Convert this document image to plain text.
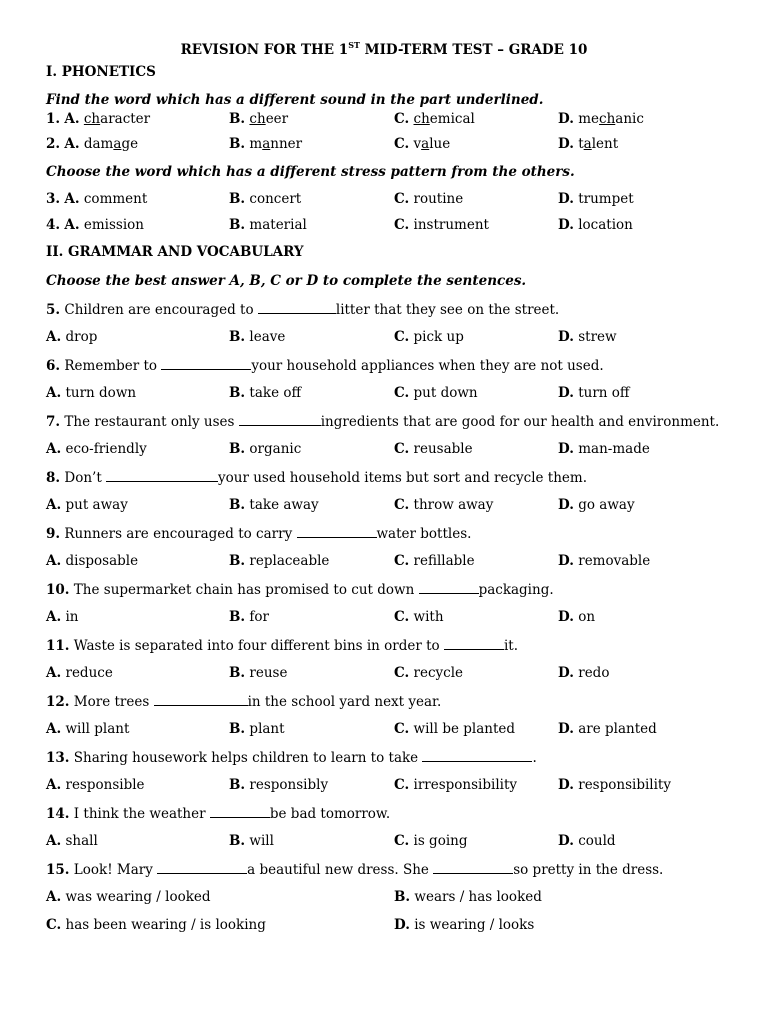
REVISION FOR THE 1ST MID-TERM TEST – GRADE 10
I. PHONETICS
Find the word which has a different sound in the part underlined.
1. A. character	B. cheer	C. chemical	D. mechanic
2. A. damage	B. manner	C. value	D. talent
Choose the word which has a different stress pattern from the others.
3. A. comment	B. concert	C. routine	D. trumpet
4. A. emission	B. material	C. instrument	D. location
II. GRAMMAR AND VOCABULARY
Choose the best answer A, B, C or D to complete the sentences.
5. Children are encouraged to	litter that they see on the street.
A. drop	B. leave	C. pick up	D. strew
6. Remember to	your household appliances when they are not used.
A. turn down	B. take off	C. put down	D. turn off
7. The restaurant only uses	ingredients that are good for our health and environment.
A. eco-friendly	B. organic	C. reusable	D. man-made
8. Don’t	your used household items but sort and recycle them.
A. put away	B. take away	C. throw away	D. go away
9. Runners are encouraged to carry	water bottles.
A. disposable	B. replaceable	C. refillable	D. removable
10. The supermarket chain has promised to cut down	packaging.
A. in	B. for	C. with	D. on
11. Waste is separated into four different bins in order to	it.
A. reduce	B. reuse	C. recycle	D. redo
12. More trees	in the school yard next year.
A. will plant	B. plant	C. will be planted	D. are planted
13. Sharing housework helps children to learn to take	.
A. responsible	B. responsibly	C. irresponsibility	D. responsibility
14. I think the weather	be bad tomorrow.
A. shall	B. will	C. is going	D. could
15. Look! Mary	a beautiful new dress. She	so pretty in the dress.
A. was wearing / looked	B. wears / has looked
C. has been wearing / is looking	D. is wearing / looks
